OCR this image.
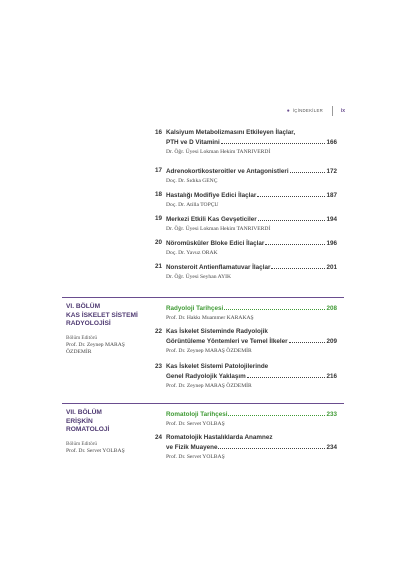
● İÇİNDEKİLER	ix
16 Kalsiyum Metabolizmasını Etkileyen İlaçlar,
PTH ve D Vitamini	166
Dr. Öğr. Üyesi Lokman Hekim TANRIVERDİ
17 Adrenokortikosteroitler ve Antagonistleri	172
Doç. Dr. Sıdıka GENÇ
18 Hastalığı Modifiye Edici İlaçlar	187
Doç. Dr. Atilla TOPÇU
19 Merkezi Etkili Kas Gevşeticiler	194
Dr. Öğr. Üyesi Lokman Hekim TANRIVERDİ
20 Nöromüsküler Bloke Edici İlaçlar	196
Doç. Dr. Yavuz ORAK
21 Nonsteroit Antienflamatuvar İlaçlar	201
Dr. Öğr. Üyesi Seyhan AYIK
VI. BÖLÜM
KAS İSKELET SİSTEMİ
RADYOLOJİSİ
Bölüm Editörü
Prof. Dr. Zeynep MARAŞ
ÖZDEMİR
Radyoloji Tarihçesi	208
Prof. Dr. Hakkı Muammer KARAKAŞ
22 Kas İskelet Sisteminde Radyolojik
Görüntüleme Yöntemleri ve Temel İlkeler	209
Prof. Dr. Zeynep MARAŞ ÖZDEMİR
23 Kas İskelet Sistemi Patolojilerinde
Genel Radyolojik Yaklaşım	216
Prof. Dr. Zeynep MARAŞ ÖZDEMİR
VII. BÖLÜM
ERİŞKİN
ROMATOLOJİ
Bölüm Editörü
Prof. Dr. Servet YOLBAŞ
Romatoloji Tarihçesi	233
Prof. Dr. Servet YOLBAŞ
24 Romatolojik Hastalıklarda Anamnez
ve Fizik Muayene	234
Prof. Dr. Servet YOLBAŞ
